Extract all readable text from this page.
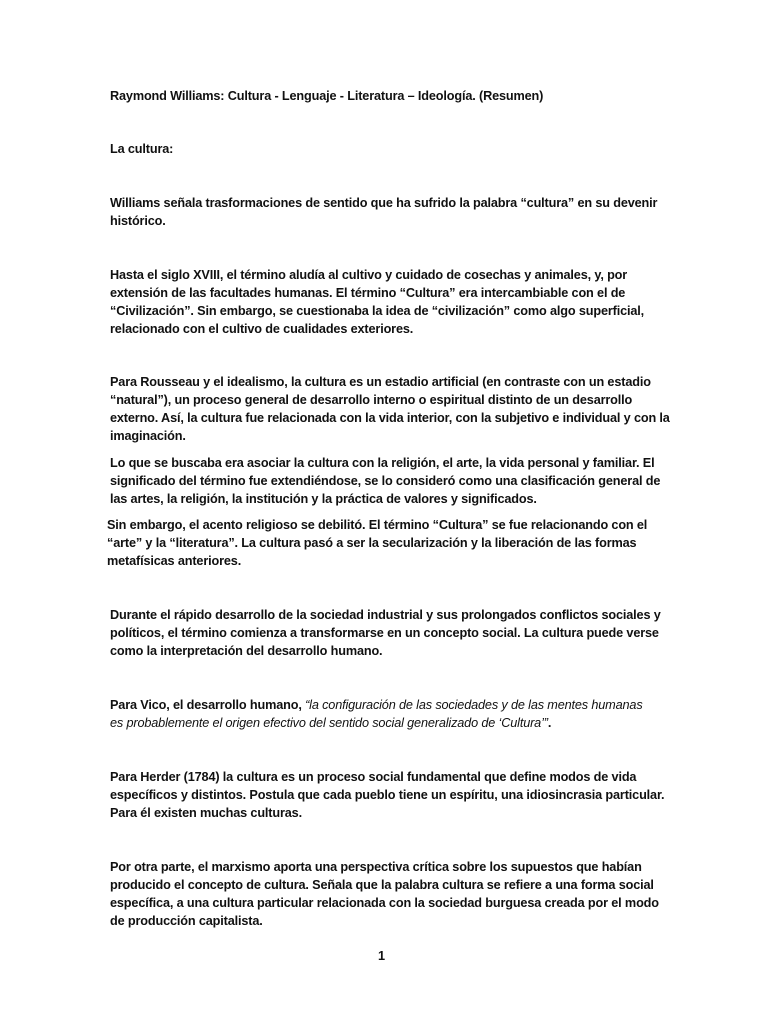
Raymond Williams: Cultura - Lenguaje - Literatura – Ideología. (Resumen)

La cultura:

Williams señala trasformaciones de sentido que ha sufrido la palabra “cultura” en su devenir
histórico.

Hasta el siglo XVIII, el término aludía al cultivo y cuidado de cosechas y animales, y, por
extensión de las facultades humanas. El término “Cultura” era intercambiable con el de
“Civilización”. Sin embargo, se cuestionaba la idea de “civilización” como algo superficial,
relacionado con el cultivo de cualidades exteriores.

Para Rousseau y el idealismo, la cultura es un estadio artificial (en contraste con un estadio
“natural”), un proceso general de desarrollo interno o espiritual distinto de un desarrollo
externo. Así, la cultura fue relacionada con la vida interior, con la subjetivo e individual y con la
imaginación.

Lo que se buscaba era asociar la cultura con la religión, el arte, la vida personal y familiar. El
significado del término fue extendiéndose, se lo consideró como una clasificación general de
las artes, la religión, la institución y la práctica de valores y significados.

Sin embargo, el acento religioso se debilitó. El término “Cultura” se fue relacionando con el
“arte” y la “literatura”. La cultura pasó a ser la secularización y la liberación de las formas
metafísicas anteriores.

Durante el rápido desarrollo de la sociedad industrial y sus prolongados conflictos sociales y
políticos, el término comienza a transformarse en un concepto social. La cultura puede verse
como la interpretación del desarrollo humano.

Para Vico, el desarrollo humano, “la configuración de las sociedades y de las mentes humanas
es probablemente el origen efectivo del sentido social generalizado de ‘Cultura’”.

Para Herder (1784) la cultura es un proceso social fundamental que define modos de vida
específicos y distintos. Postula que cada pueblo tiene un espíritu, una idiosincrasia particular.
Para él existen muchas culturas.

Por otra parte, el marxismo aporta una perspectiva crítica sobre los supuestos que habían
producido el concepto de cultura. Señala que la palabra cultura se refiere a una forma social
específica, a una cultura particular relacionada con la sociedad burguesa creada por el modo
de producción capitalista.

1
